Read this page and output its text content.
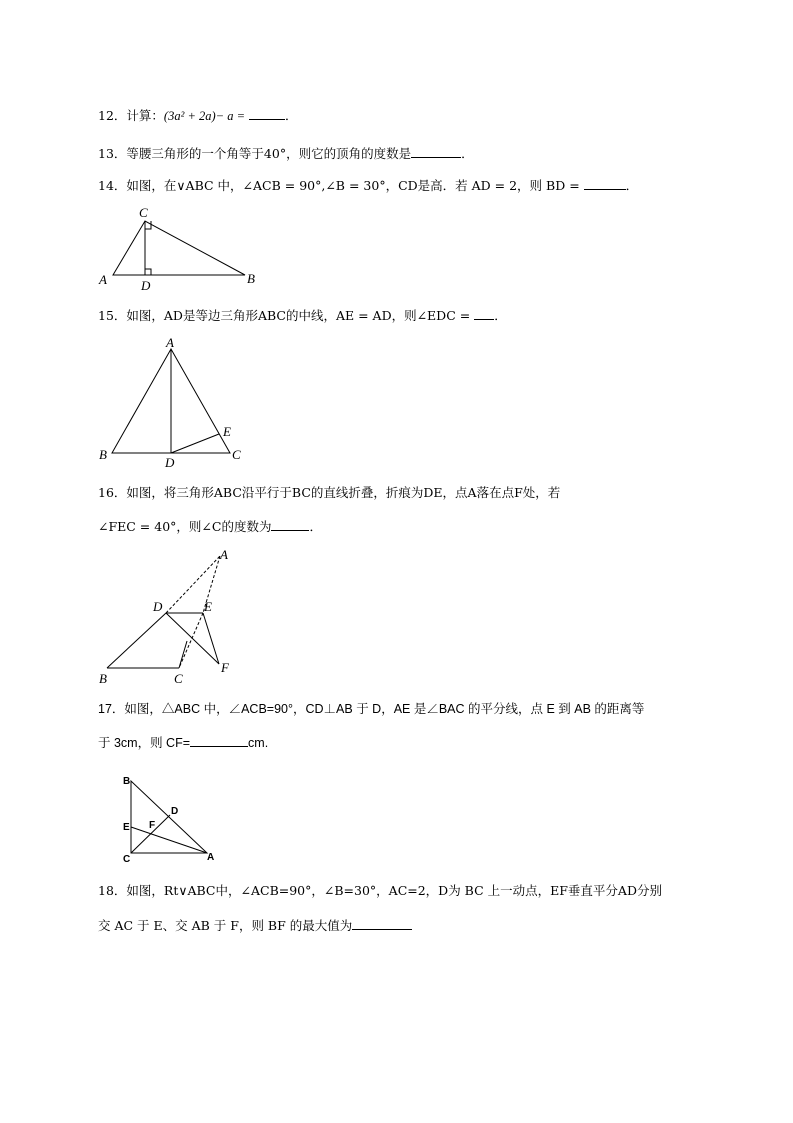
12．计算：(3a² + 2a)− a =	．
13．等腰三角形的一个角等于40°，则它的顶角的度数是	．
14．如图，在∨ABC 中，∠ACB = 90°,∠B = 30°，CD是高．若 AD = 2，则 BD =	．
C
A	D	B
15．如图，AD是等边三角形ABC的中线，AE = AD，则∠EDC = ．
A
B
D
C
E
16．如图，将三角形ABC沿平行于BC的直线折叠，折痕为DE，点A落在点F处，若
∠FEC = 40°，则∠C的度数为	．
A
D	E
B	C
F
17．如图，△ABC 中，∠ACB=90°，CD⊥AB 于 D，AE 是∠BAC 的平分线，点 E 到 AB 的距离等
于 3cm，则 CF=	cm.
B
D
E F
C	A
18．如图，Rt∨ABC中，∠ACB=90°，∠B=30°，AC=2，D为 BC 上一动点，EF垂直平分AD分别
交 AC 于 E、交 AB 于 F，则 BF 的最大值为
